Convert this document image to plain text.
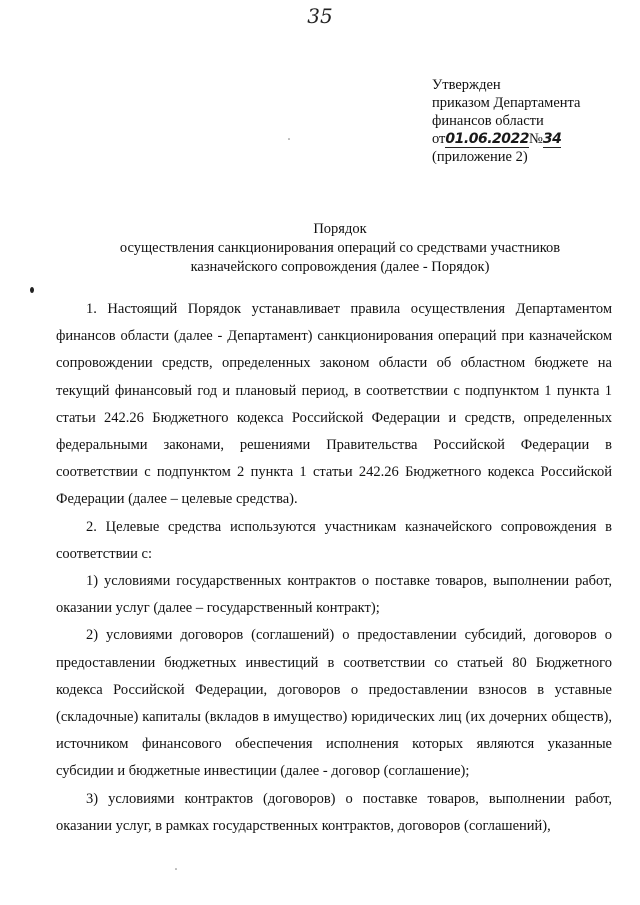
35
Утвержден
приказом Департамента
финансов области
от01.06.2022№34
(приложение 2)
Порядок
осуществления санкционирования операций со средствами участников
казначейского сопровождения (далее - Порядок)

1. Настоящий Порядок устанавливает правила осуществления Департаментом финансов области (далее - Департамент) санкционирования операций при казначейском сопровождении средств, определенных законом области об областном бюджете на текущий финансовый год и плановый период, в соответствии с подпунктом 1 пункта 1 статьи 242.26 Бюджетного кодекса Российской Федерации и средств, определенных федеральными законами, решениями Правительства Российской Федерации в соответствии с подпунктом 2 пункта 1 статьи 242.26 Бюджетного кодекса Российской Федерации (далее – целевые средства).

2. Целевые средства используются участникам казначейского сопровождения в соответствии с:

1) условиями государственных контрактов о поставке товаров, выполнении работ, оказании услуг (далее – государственный контракт);

2) условиями договоров (соглашений) о предоставлении субсидий, договоров о предоставлении бюджетных инвестиций в соответствии со статьей 80 Бюджетного кодекса Российской Федерации, договоров о предоставлении взносов в уставные (складочные) капиталы (вкладов в имущество) юридических лиц (их дочерних обществ), источником финансового обеспечения исполнения которых являются указанные субсидии и бюджетные инвестиции (далее - договор (соглашение);

3) условиями контрактов (договоров) о поставке товаров, выполнении работ, оказании услуг, в рамках государственных контрактов, договоров (соглашений),
